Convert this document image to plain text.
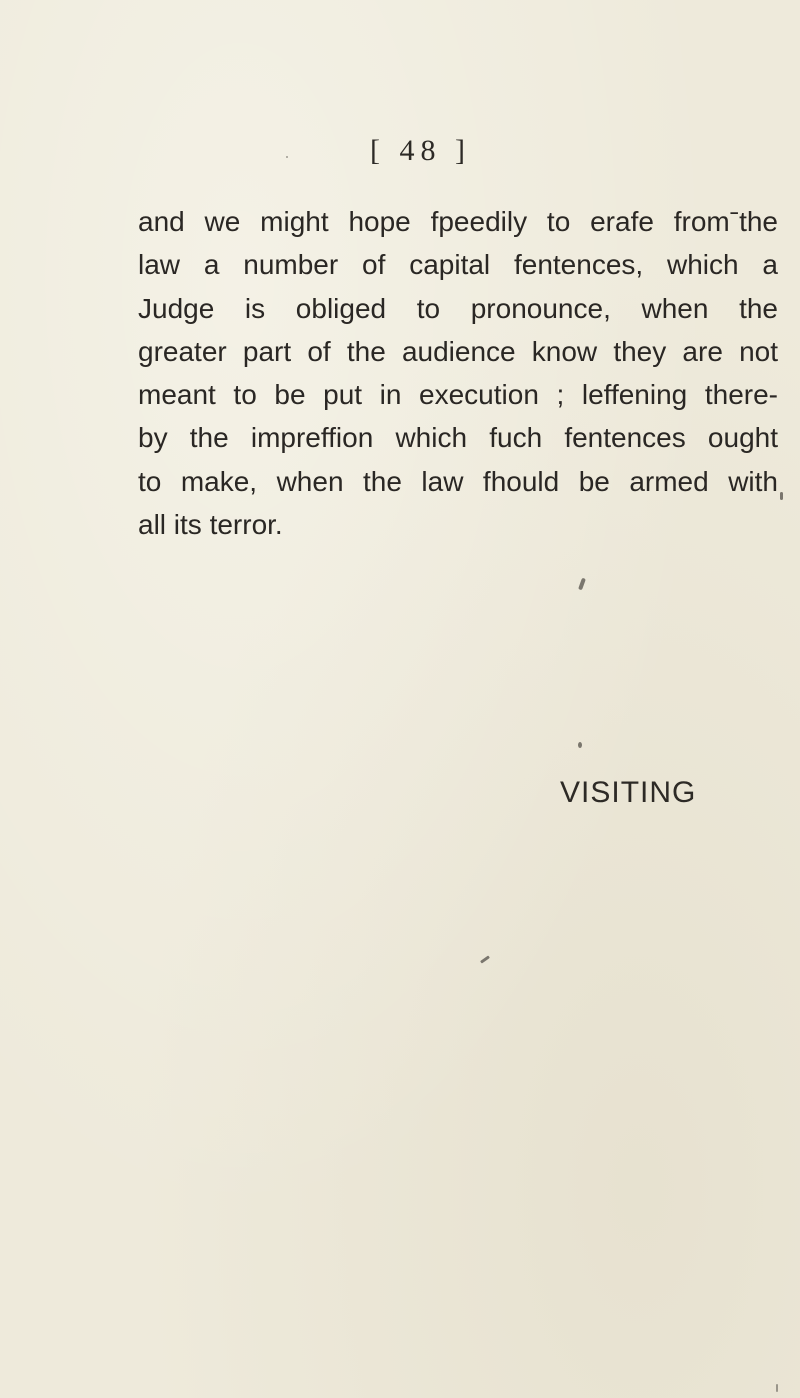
[ 48 ]
and we might hope fpeedily to erafe fromˉthe
law a number of capital fentences, which a
Judge is obliged to pronounce, when the
greater part of the audience know they are not
meant to be put in execution ; leffening there-
by the impreffion which fuch fentences ought
to make, when the law fhould be armed with
all its terror.
VISITING
